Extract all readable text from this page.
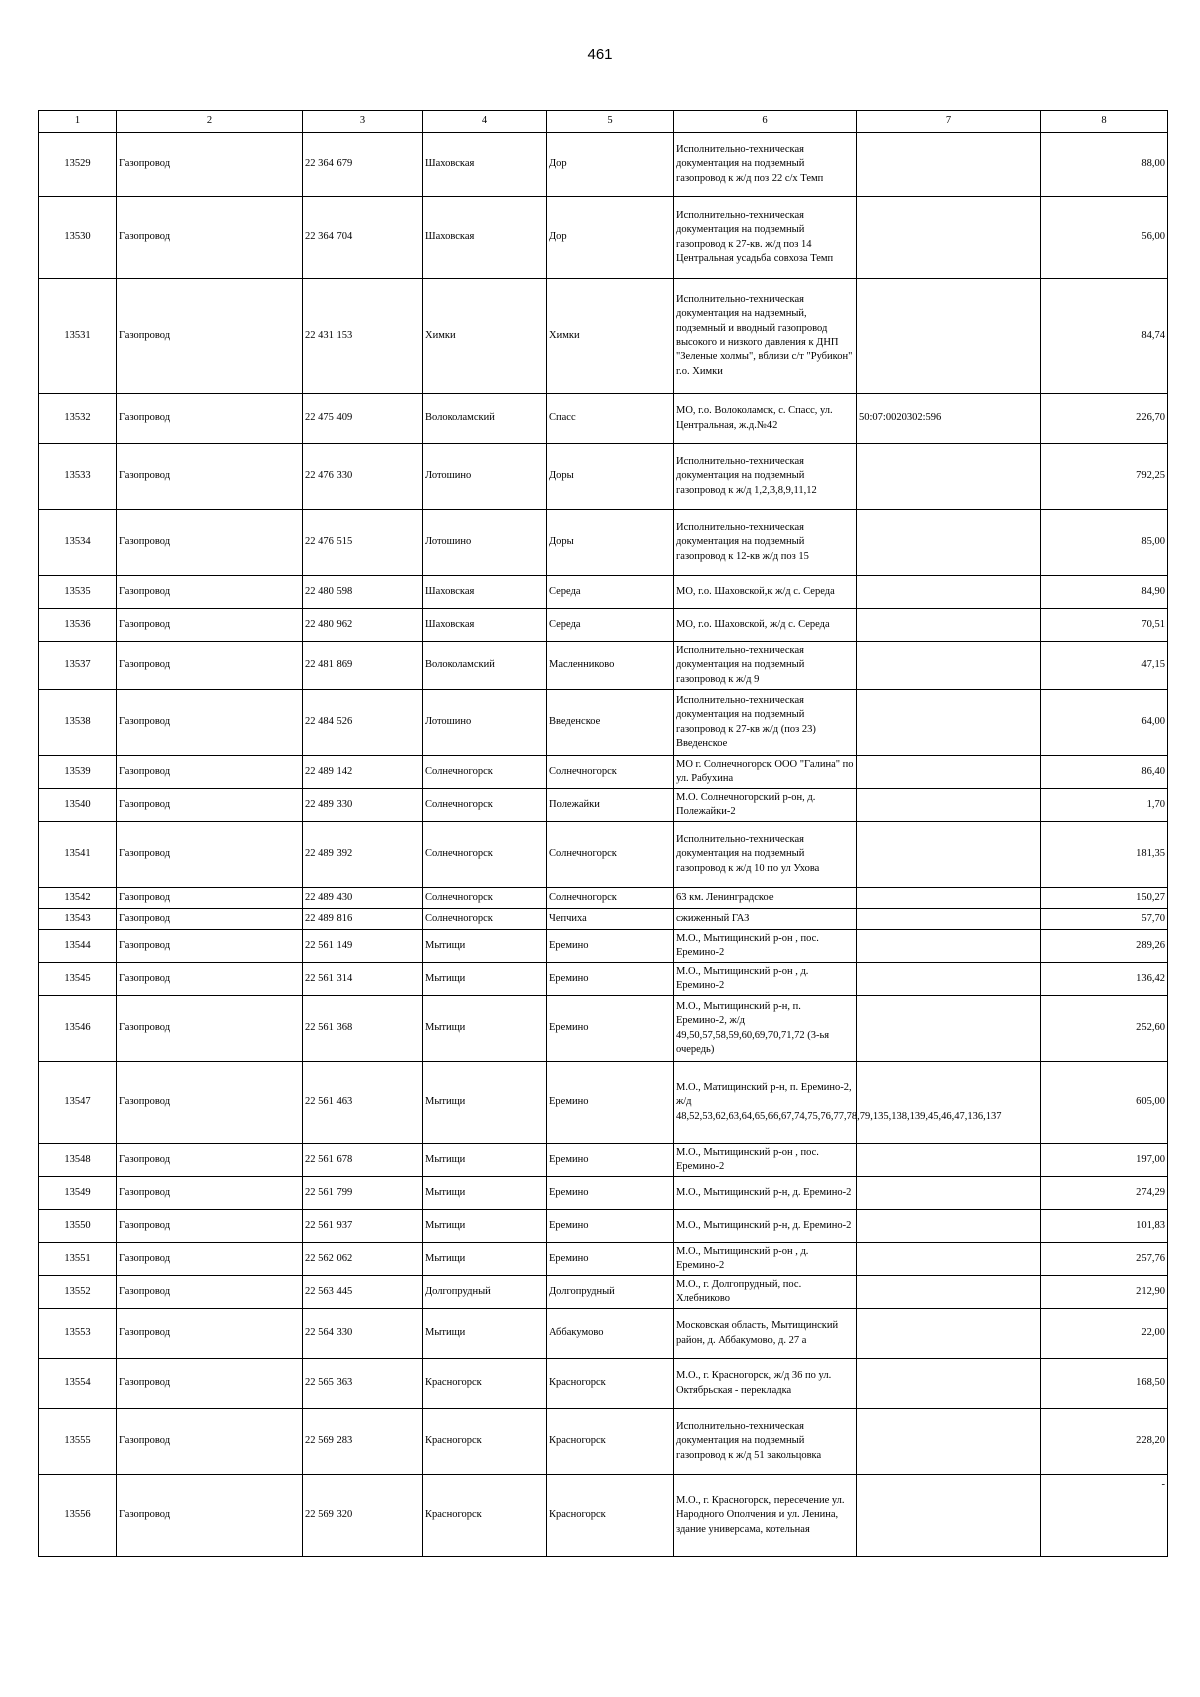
461
1	2	3	4	5	6	7	8
13529	Газопровод	22 364 679	Шаховская	Дор	Исполнительно-техническая документация на подземный газопровод к ж/д поз 22 с/х Темп		88,00
13530	Газопровод	22 364 704	Шаховская	Дор	Исполнительно-техническая документация на подземный газопровод к 27-кв. ж/д поз 14 Центральная усадьба совхоза Темп		56,00
13531	Газопровод	22 431 153	Химки	Химки	Исполнительно-техническая документация на надземный, подземный и вводный газопровод высокого и низкого давления к ДНП "Зеленые холмы", вблизи с/т "Рубикон" г.о. Химки		84,74
13532	Газопровод	22 475 409	Волоколамский	Спасс	МО, г.о. Волоколамск, с. Спасс, ул. Центральная, ж.д.№42	50:07:0020302:596	226,70
13533	Газопровод	22 476 330	Лотошино	Доры	Исполнительно-техническая документация на подземный газопровод к ж/д 1,2,3,8,9,11,12		792,25
13534	Газопровод	22 476 515	Лотошино	Доры	Исполнительно-техническая документация на подземный газопровод к 12-кв ж/д поз 15		85,00
13535	Газопровод	22 480 598	Шаховская	Середа	МО, г.о. Шаховской,к ж/д с. Середа		84,90
13536	Газопровод	22 480 962	Шаховская	Середа	МО, г.о. Шаховской, ж/д с. Середа		70,51
13537	Газопровод	22 481 869	Волоколамский	Масленниково	Исполнительно-техническая документация на подземный газопровод к ж/д 9		47,15
13538	Газопровод	22 484 526	Лотошино	Введенское	Исполнительно-техническая документация на подземный газопровод к 27-кв ж/д (поз 23) Введенское		64,00
13539	Газопровод	22 489 142	Солнечногорск	Солнечногорск	МО г. Солнечногорск ООО "Галина" по ул. Рабухина		86,40
13540	Газопровод	22 489 330	Солнечногорск	Полежайки	М.О. Солнечногорский р-он, д. Полежайки-2		1,70
13541	Газопровод	22 489 392	Солнечногорск	Солнечногорск	Исполнительно-техническая документация на подземный газопровод к ж/д 10 по ул Ухова		181,35
13542	Газопровод	22 489 430	Солнечногорск	Солнечногорск	63 км. Ленинградское		150,27
13543	Газопровод	22 489 816	Солнечногорск	Чепчиха	сжиженный ГАЗ		57,70
13544	Газопровод	22 561 149	Мытищи	Еремино	М.О., Мытищинский р-он , пос. Еремино-2		289,26
13545	Газопровод	22 561 314	Мытищи	Еремино	М.О., Мытищинский р-он , д. Еремино-2		136,42
13546	Газопровод	22 561 368	Мытищи	Еремино	М.О., Мытищинский р-н, п. Еремино-2, ж/д 49,50,57,58,59,60,69,70,71,72 (3-ья очередь)		252,60
13547	Газопровод	22 561 463	Мытищи	Еремино	М.О., Матищинский р-н, п. Еремино-2, ж/д 48,52,53,62,63,64,65,66,67,74,75,76,77,78,79,135,138,139,45,46,47,136,137		605,00
13548	Газопровод	22 561 678	Мытищи	Еремино	М.О., Мытищинский р-он , пос. Еремино-2		197,00
13549	Газопровод	22 561 799	Мытищи	Еремино	М.О., Мытищинский р-н, д. Еремино-2		274,29
13550	Газопровод	22 561 937	Мытищи	Еремино	М.О., Мытищинский р-н, д. Еремино-2		101,83
13551	Газопровод	22 562 062	Мытищи	Еремино	М.О., Мытищинский р-он , д. Еремино-2		257,76
13552	Газопровод	22 563 445	Долгопрудный	Долгопрудный	М.О., г. Долгопрудный, пос. Хлебниково		212,90
13553	Газопровод	22 564 330	Мытищи	Аббакумово	Московская область, Мытищинский район, д. Аббакумово, д. 27 а		22,00
13554	Газопровод	22 565 363	Красногорск	Красногорск	М.О., г. Красногорск, ж/д 36 по ул. Октябрьская - перекладка		168,50
13555	Газопровод	22 569 283	Красногорск	Красногорск	Исполнительно-техническая документация на подземный газопровод к ж/д 51 закольцовка		228,20
13556	Газопровод	22 569 320	Красногорск	Красногорск	М.О., г. Красногорск, пересечение ул. Народного Ополчения и ул. Ленина, здание универсама, котельная		-
